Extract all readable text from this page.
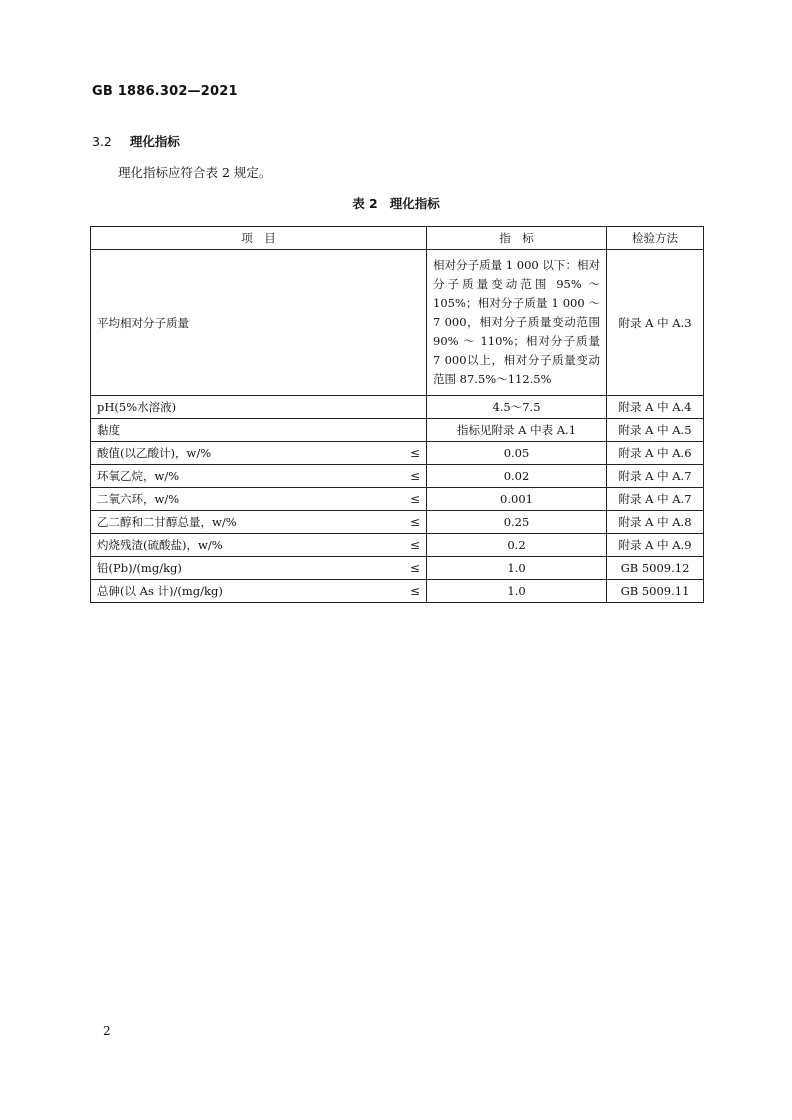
GB 1886.302—2021
3.2 理化指标
理化指标应符合表 2 规定。
表 2 理化指标
项　目	指　标	检验方法

平均相对分子质量	相对分子质量 1 000 以下：相对分子质量变动范围 95% ～ 105%；相对分子质量 1 000 ～ 7 000，相对分子质量变动范围 90% ～ 110%；相对分子质量 7 000以上，相对分子质量变动范围 87.5%～112.5%	附录 A 中 A.3

pH(5%水溶液)	4.5～7.5	附录 A 中 A.4

黏度	指标见附录 A 中表 A.1	附录 A 中 A.5

酸值(以乙酸计)，w/% ≤	0.05	附录 A 中 A.6

环氧乙烷，w/% ≤	0.02	附录 A 中 A.7

二氧六环，w/% ≤	0.001	附录 A 中 A.7

乙二醇和二甘醇总量，w/% ≤	0.25	附录 A 中 A.8

灼烧残渣(硫酸盐)，w/% ≤	0.2	附录 A 中 A.9

铅(Pb)/(mg/kg) ≤	1.0	GB 5009.12

总砷(以 As 计)/(mg/kg) ≤	1.0	GB 5009.11
2
